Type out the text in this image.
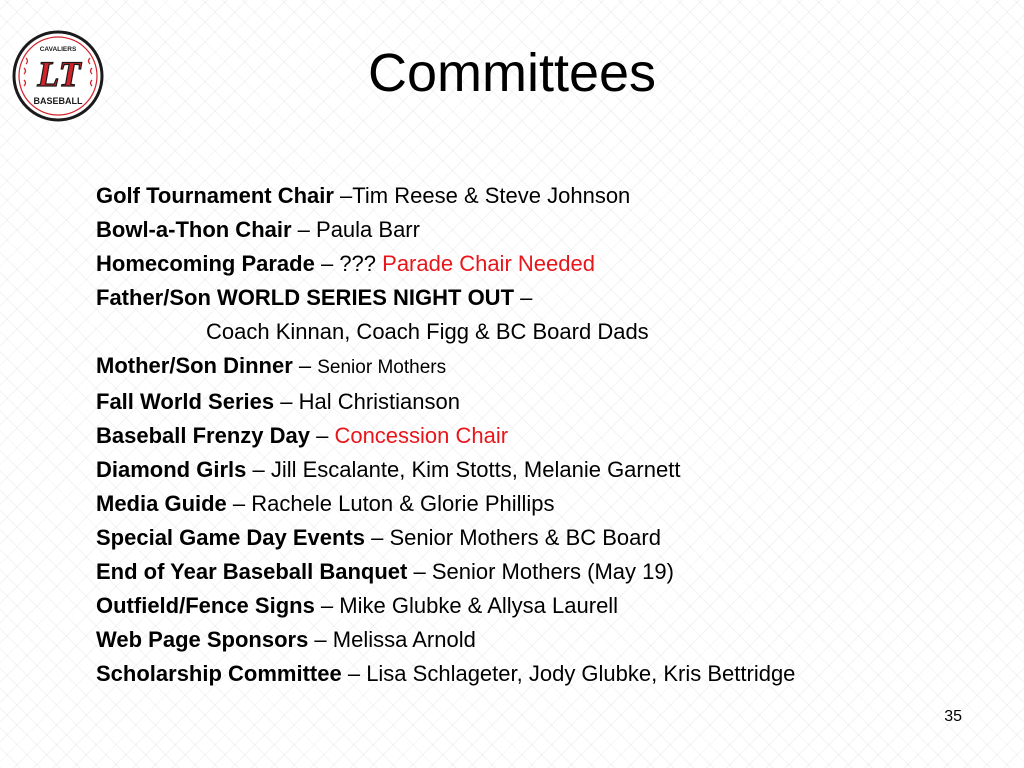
CAVALIERS
LT
BASEBALL	Committees
Golf Tournament Chair –Tim Reese & Steve Johnson
Bowl-a-Thon Chair – Paula Barr
Homecoming Parade – ??? Parade Chair Needed
Father/Son WORLD SERIES NIGHT OUT –
Coach Kinnan, Coach Figg & BC Board Dads
Mother/Son Dinner – Senior Mothers
Fall World Series – Hal Christianson
Baseball Frenzy Day – Concession Chair
Diamond Girls – Jill Escalante, Kim Stotts, Melanie Garnett
Media Guide – Rachele Luton & Glorie Phillips
Special Game Day Events – Senior Mothers & BC Board
End of Year Baseball Banquet – Senior Mothers (May 19)
Outfield/Fence Signs – Mike Glubke & Allysa Laurell
Web Page Sponsors – Melissa Arnold
Scholarship Committee – Lisa Schlageter, Jody Glubke, Kris Bettridge
35
